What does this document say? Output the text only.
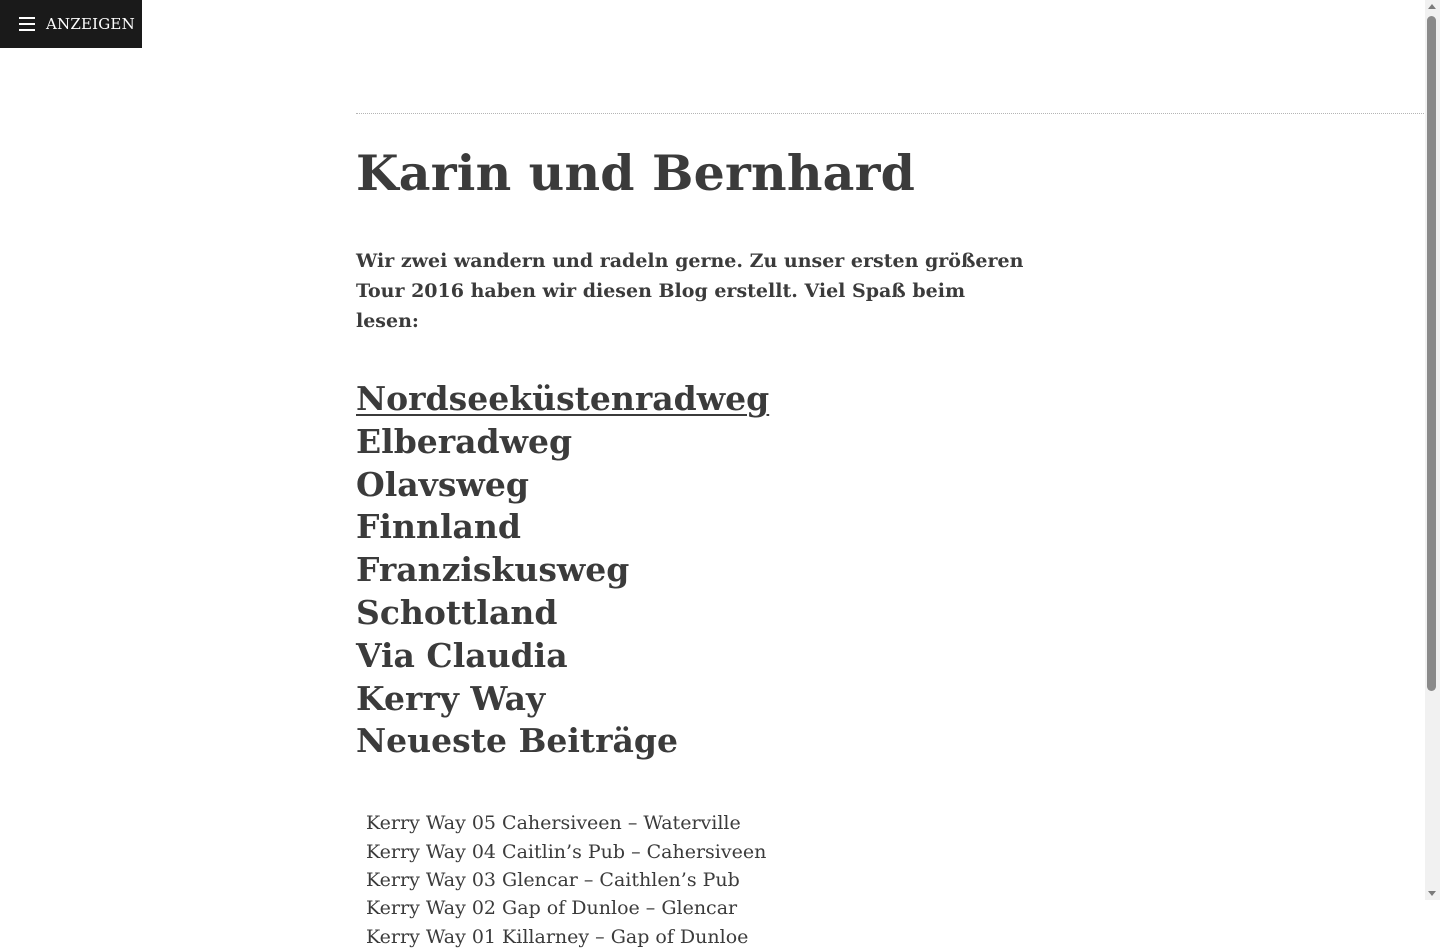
ANZEIGEN
Karin und Bernhard

Wir zwei wandern und radeln gerne. Zu unser ersten größeren Tour 2016 haben wir diesen Blog erstellt. Viel Spaß beim lesen:

Nordseeküstenradweg
Elberadweg
Olavsweg
Finnland
Franziskusweg
Schottland
Via Claudia
Kerry Way
Neueste Beiträge
Kerry Way 05 Cahersiveen – Waterville
Kerry Way 04 Caitlin’s Pub – Cahersiveen
Kerry Way 03 Glencar – Caithlen’s Pub
Kerry Way 02 Gap of Dunloe – Glencar
Kerry Way 01 Killarney – Gap of Dunloe
